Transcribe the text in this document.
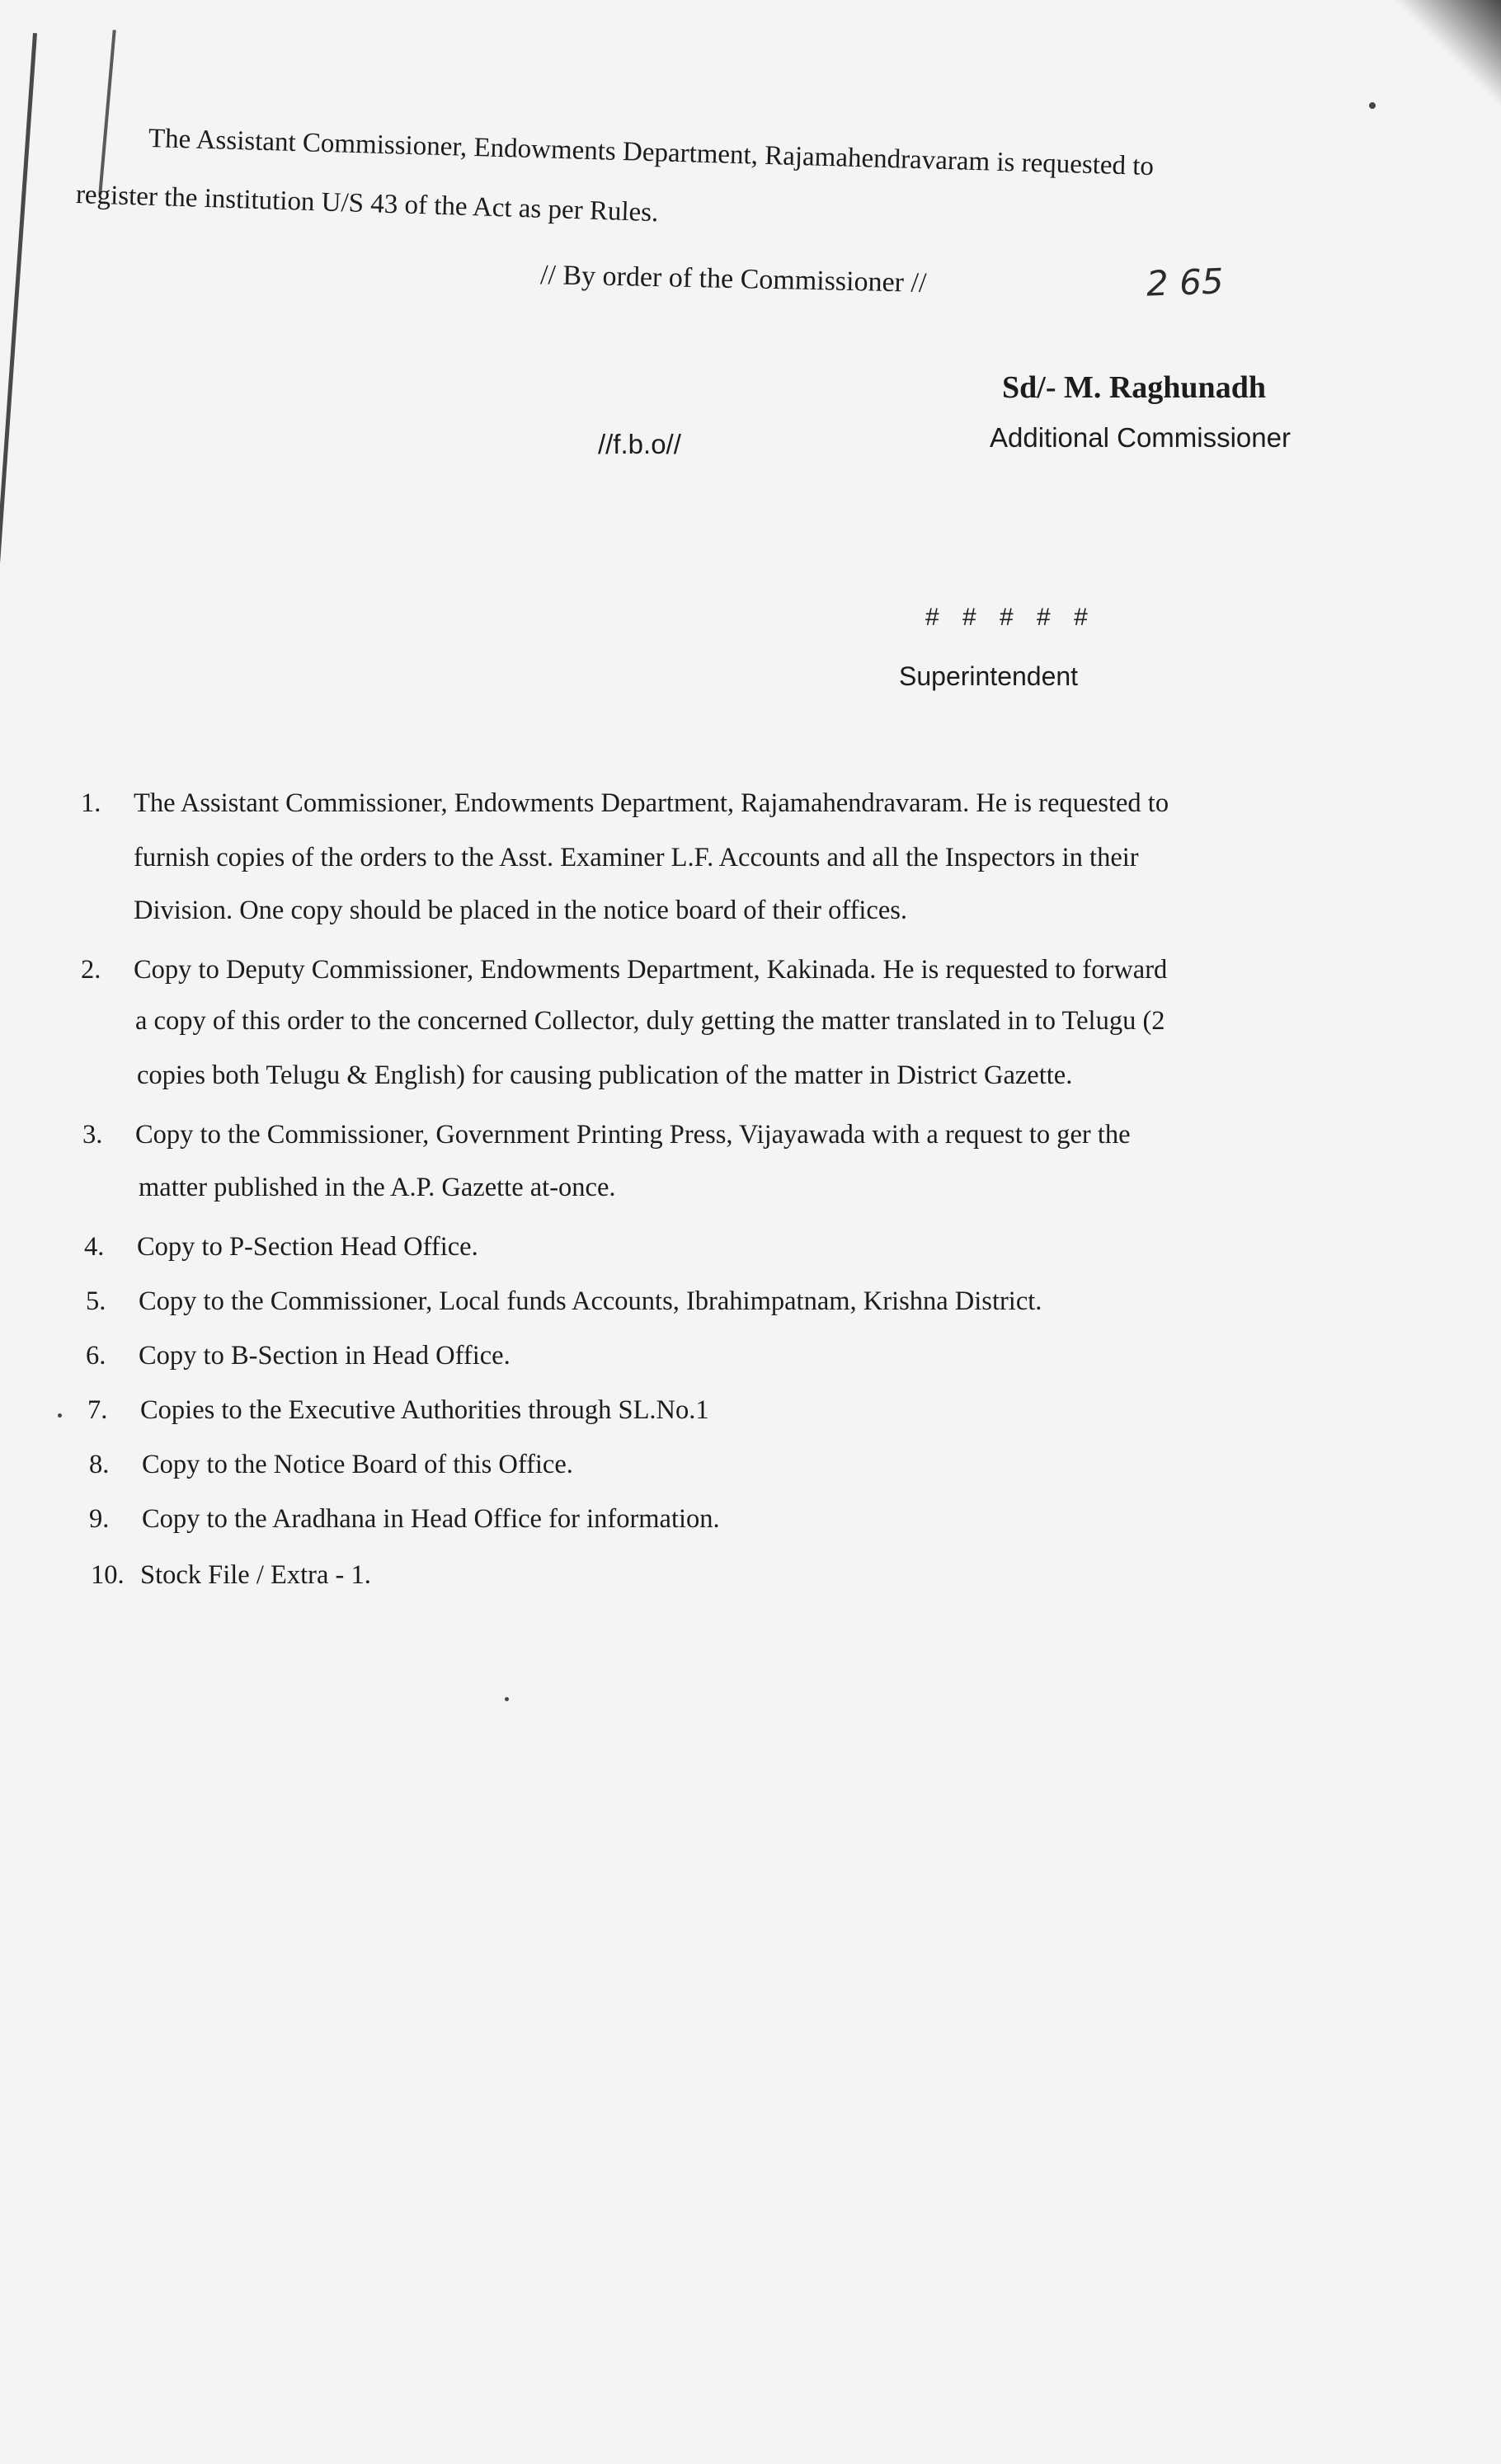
The Assistant Commissioner, Endowments Department, Rajamahendravaram is requested to
register the institution U/S 43 of the Act as per Rules.
// By order of the Commissioner //	2 65
Sd/- M. Raghunadh
//f.b.o//	Additional Commissioner
# # # # #
Superintendent
1. The Assistant Commissioner, Endowments Department, Rajamahendravaram. He is requested to
furnish copies of the orders to the Asst. Examiner L.F. Accounts and all the Inspectors in their
Division. One copy should be placed in the notice board of their offices.
2. Copy to Deputy Commissioner, Endowments Department, Kakinada. He is requested to forward
a copy of this order to the concerned Collector, duly getting the matter translated in to Telugu (2
copies both Telugu & English) for causing publication of the matter in District Gazette.
3. Copy to the Commissioner, Government Printing Press, Vijayawada with a request to ger the
matter published in the A.P. Gazette at-once.
4. Copy to P-Section Head Office.
5. Copy to the Commissioner, Local funds Accounts, Ibrahimpatnam, Krishna District.
6. Copy to B-Section in Head Office.
7. Copies to the Executive Authorities through SL.No.1
8. Copy to the Notice Board of this Office.
9. Copy to the Aradhana in Head Office for information.
10. Stock File / Extra - 1.
